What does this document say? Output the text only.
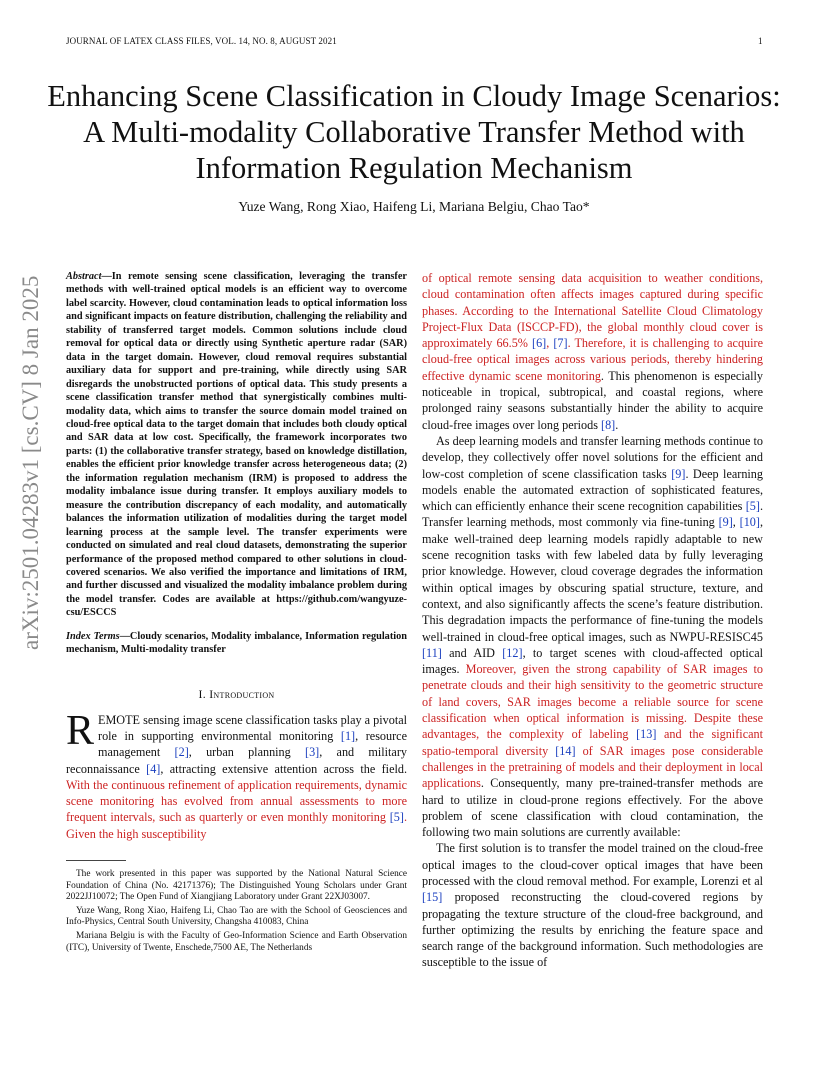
JOURNAL OF LATEX CLASS FILES, VOL. 14, NO. 8, AUGUST 2021	1
Enhancing Scene Classification in Cloudy Image Scenarios: A Multi-modality Collaborative Transfer Method with Information Regulation Mechanism
Yuze Wang, Rong Xiao, Haifeng Li, Mariana Belgiu, Chao Tao*
arXiv:2501.04283v1 [cs.CV] 8 Jan 2025 Abstract—In remote sensing scene classification, leveraging the transfer methods with well-trained optical models is an efficient way to overcome label scarcity. However, cloud contamination leads to optical information loss and significant impacts on feature distribution, challenging the reliability and stability of transferred target models. Common solutions include cloud removal for optical data or directly using Synthetic aperture radar (SAR) data in the target domain. However, cloud removal requires substantial auxiliary data for support and pre-training, while directly using SAR disregards the unobstructed portions of optical data. This study presents a scene classification transfer method that synergistically combines multi-modality data, which aims to transfer the source domain model trained on cloud-free optical data to the target domain that includes both cloudy optical and SAR data at low cost. Specifically, the framework incorporates two parts: (1) the collaborative transfer strategy, based on knowledge distillation, enables the efficient prior knowledge transfer across heterogeneous data; (2) the information regulation mechanism (IRM) is proposed to address the modality imbalance issue during transfer. It employs auxiliary models to measure the contribution discrepancy of each modality, and automatically balances the information utilization of modalities during the target model learning process at the sample level. The transfer experiments were conducted on simulated and real cloud datasets, demonstrating the superior performance of the proposed method compared to other solutions in cloud-covered scenarios. We also verified the importance and limitations of IRM, and further discussed and visualized the modality imbalance problem during the model transfer. Codes are available at https://github.com/wangyuze-csu/ESCCS

Index Terms—Cloudy scenarios, Modality imbalance, Information regulation mechanism, Multi-modality transfer

I. Introduction

REMOTE sensing image scene classification tasks play a pivotal role in supporting environmental monitoring [1], resource management [2], urban planning [3], and military reconnaissance [4], attracting extensive attention across the field. With the continuous refinement of application requirements, dynamic scene monitoring has evolved from annual assessments to more frequent intervals, such as quarterly or even monthly monitoring [5]. Given the high susceptibility

The work presented in this paper was supported by the National Natural Science Foundation of China (No. 42171376); The Distinguished Young Scholars under Grant 2022JJ10072; The Open Fund of Xiangjiang Laboratory under Grant 22XJ03007.

Yuze Wang, Rong Xiao, Haifeng Li, Chao Tao are with the School of Geosciences and Info-Physics, Central South University, Changsha 410083, China

Mariana Belgiu is with the Faculty of Geo-Information Science and Earth Observation (ITC), University of Twente, Enschede,7500 AE, The Netherlands

of optical remote sensing data acquisition to weather conditions, cloud contamination often affects images captured during specific phases. According to the International Satellite Cloud Climatology Project-Flux Data (ISCCP-FD), the global monthly cloud cover is approximately 66.5% [6], [7]. Therefore, it is challenging to acquire cloud-free optical images across various periods, thereby hindering effective dynamic scene monitoring. This phenomenon is especially noticeable in tropical, subtropical, and coastal regions, where prolonged rainy seasons substantially hinder the ability to acquire cloud-free images over long periods [8].

As deep learning models and transfer learning methods continue to develop, they collectively offer novel solutions for the efficient and low-cost completion of scene classification tasks [9]. Deep learning models enable the automated extraction of sophisticated features, which can efficiently enhance their scene recognition capabilities [5]. Transfer learning methods, most commonly via fine-tuning [9], [10], make well-trained deep learning models rapidly adaptable to new scene recognition tasks with few labeled data by fully leveraging prior knowledge. However, cloud coverage degrades the information within optical images by obscuring spatial structure, texture, and context, and also significantly affects the scene’s feature distribution. This degradation impacts the performance of fine-tuning the models well-trained in cloud-free optical images, such as NWPU-RESISC45 [11] and AID [12], to target scenes with cloud-affected optical images. Moreover, given the strong capability of SAR images to penetrate clouds and their high sensitivity to the geometric structure of land covers, SAR images become a reliable source for scene classification when optical information is missing. Despite these advantages, the complexity of labeling [13] and the significant spatio-temporal diversity [14] of SAR images pose considerable challenges in the pretraining of models and their deployment in local applications. Consequently, many pre-trained-transfer methods are hard to utilize in cloud-prone regions effectively. For the above problem of scene classification with cloud contamination, the following two main solutions are currently available:

The first solution is to transfer the model trained on the cloud-free optical images to the cloud-cover optical images that have been processed with the cloud removal method. For example, Lorenzi et al [15] proposed reconstructing the cloud-covered regions by propagating the texture structure of the cloud-free background, and further optimizing the results by enriching the feature space and search range of the background information. Such methodologies are susceptible to the issue of
